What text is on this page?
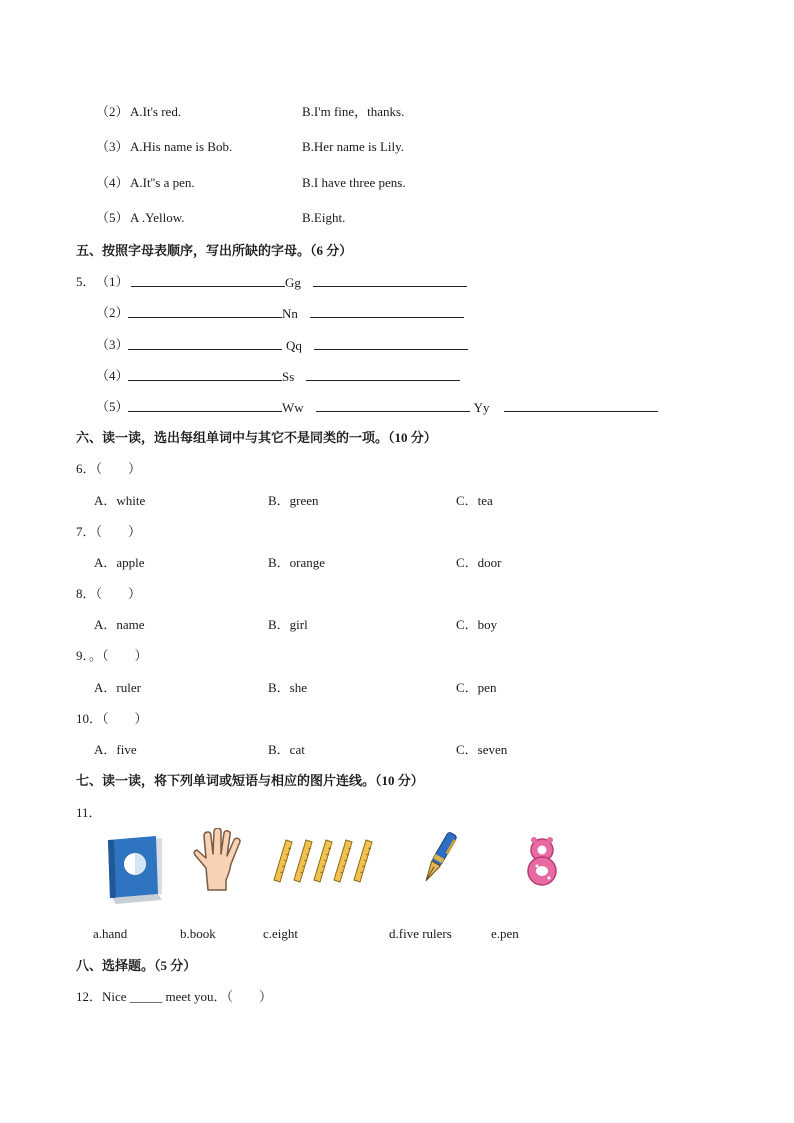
（2） A.It's red.	B.I'm fine，thanks.
（3） A.His name is Bob.	B.Her name is Lily.
（4） A.It''s a pen.	B.I have three pens.
（5） A .Yellow.	B.Eight.
五、按照字母表顺序，写出所缺的字母。（6 分）
5． （1）	Gg
（2）	Nn
（3）	Qq
（4）	Ss
（5）	Ww	Yy
六、读一读，选出每组单词中与其它不是同类的一项。（10 分）
6．（　　）
A．white	B．green	C．tea
7．（　　）
A．apple	B．orange	C．door
8．（　　）
A．name	B．girl	C．boy
9．。（　　）
A．ruler	B．she	C．pen
10．（　　）
A．five	B．cat	C．seven
七、读一读，将下列单词或短语与相应的图片连线。（10 分）
11．
a.hand	b.book	c.eight	d.five rulers	e.pen
八、选择题。（5 分）
12．Nice _____ meet you．（　　）
